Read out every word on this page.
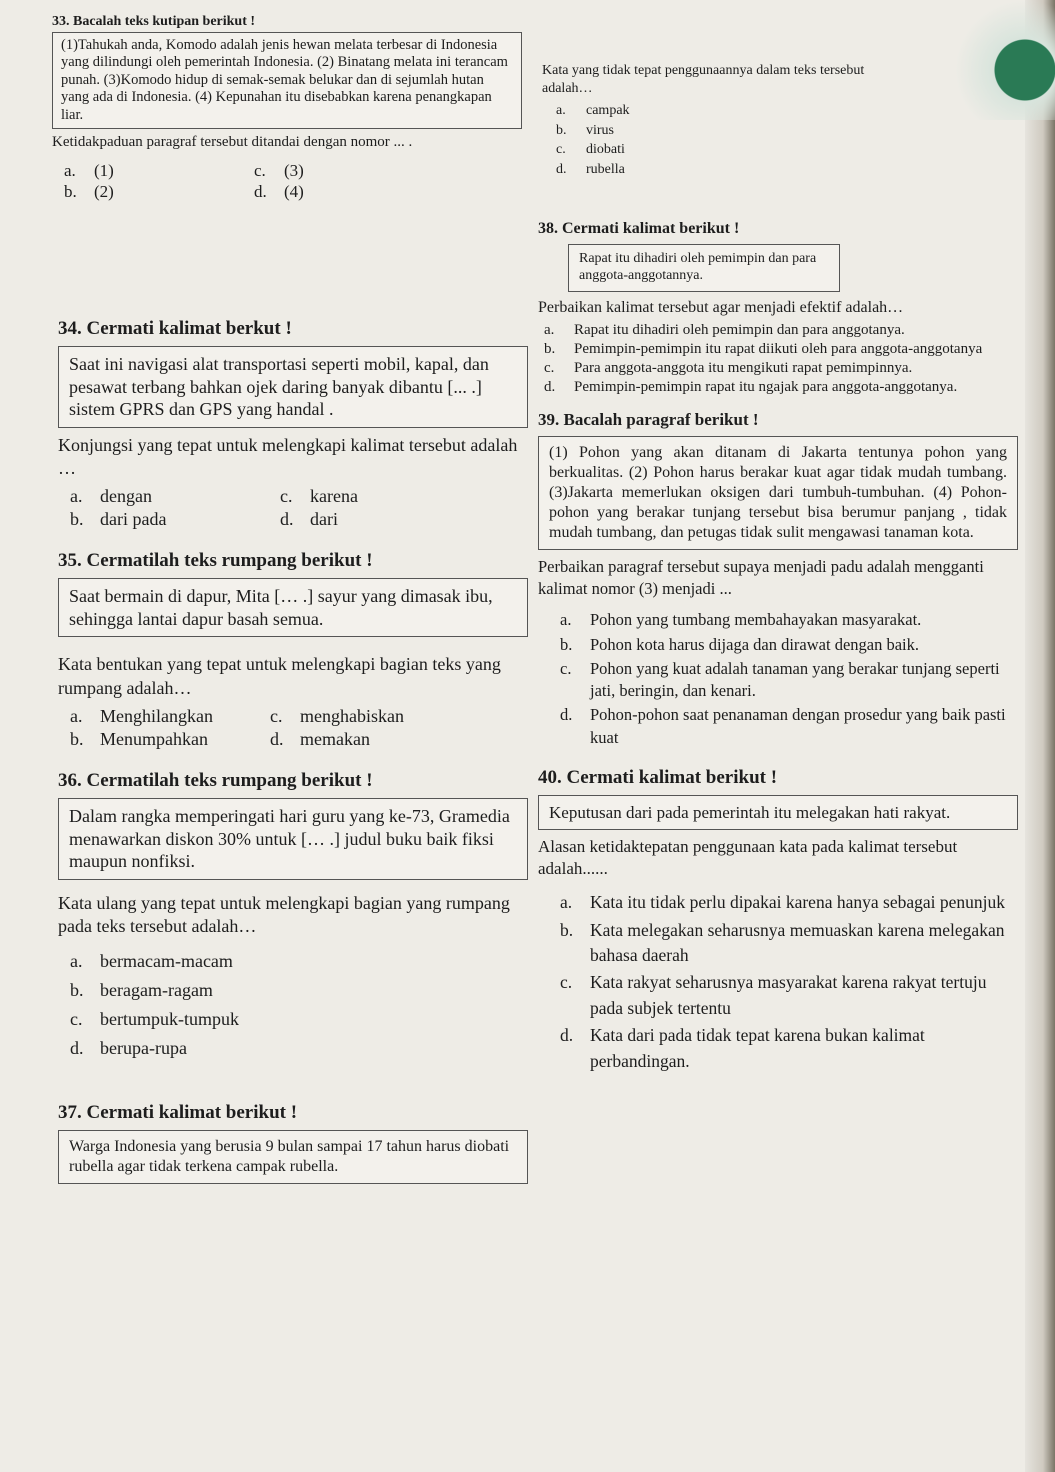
33. Bacalah teks kutipan berikut !
(1)Tahukah anda, Komodo adalah jenis hewan melata terbesar di Indonesia yang dilindungi oleh pemerintah Indonesia. (2) Binatang melata ini terancam punah. (3)Komodo hidup di semak-semak belukar dan di sejumlah hutan yang ada di Indonesia. (4) Kepunahan itu disebabkan karena penangkapan liar.
Ketidakpaduan paragraf tersebut ditandai dengan nomor ... .
a.	(1)	c.	(3)
b.	(2)	d.	(4)
Kata yang tidak tepat penggunaannya dalam teks tersebut adalah…
a.	campak
b.	virus
c.	diobati
d.	rubella
34. Cermati kalimat berkut !
Saat ini navigasi alat transportasi seperti mobil, kapal, dan pesawat terbang bahkan ojek daring banyak dibantu [... .] sistem GPRS dan GPS yang handal .
Konjungsi yang tepat untuk melengkapi kalimat tersebut adalah …
a. dengan	c. karena
b. dari pada	d. dari
35. Cermatilah teks rumpang berikut !
Saat bermain di dapur, Mita [… .] sayur yang dimasak ibu, sehingga lantai dapur basah semua.
Kata bentukan yang tepat untuk melengkapi bagian teks yang rumpang adalah…
a. Menghilangkan	c. menghabiskan
b. Menumpahkan	d. memakan
36. Cermatilah teks rumpang berikut !
Dalam rangka memperingati hari guru yang ke-73, Gramedia menawarkan diskon 30% untuk [… .] judul buku baik fiksi maupun nonfiksi.
Kata ulang yang tepat untuk melengkapi bagian yang rumpang pada teks tersebut adalah…
a. bermacam-macam
b. beragam-ragam
c. bertumpuk-tumpuk
d. berupa-rupa
37. Cermati kalimat berikut !
Warga Indonesia yang berusia 9 bulan sampai 17 tahun harus diobati rubella agar tidak terkena campak rubella.
38. Cermati kalimat berikut !
Rapat itu dihadiri oleh pemimpin dan para anggota-anggotannya.
Perbaikan kalimat tersebut agar menjadi efektif adalah…
a.	Rapat itu dihadiri oleh pemimpin dan para anggotanya.
b.	Pemimpin-pemimpin itu rapat diikuti oleh para anggota-anggotanya
c.	Para anggota-anggota itu mengikuti rapat pemimpinnya.
d.	Pemimpin-pemimpin rapat itu ngajak para anggota-anggotanya.
39. Bacalah paragraf berikut !
(1) Pohon yang akan ditanam di Jakarta tentunya pohon yang berkualitas. (2) Pohon harus berakar kuat agar tidak mudah tumbang. (3)Jakarta memerlukan oksigen dari tumbuh-tumbuhan. (4) Pohon-pohon yang berakar tunjang tersebut bisa berumur panjang , tidak mudah tumbang, dan petugas tidak sulit mengawasi tanaman kota.
Perbaikan paragraf tersebut supaya menjadi padu adalah mengganti kalimat nomor (3) menjadi ...
a.	Pohon yang tumbang membahayakan masyarakat.
b.	Pohon kota harus dijaga dan dirawat dengan baik.
c.	Pohon yang kuat adalah tanaman yang berakar tunjang seperti jati, beringin, dan kenari.
d.	Pohon-pohon saat penanaman dengan prosedur yang baik pasti kuat
40. Cermati kalimat berikut !
Keputusan dari pada pemerintah itu melegakan hati rakyat.
Alasan ketidaktepatan penggunaan kata pada kalimat tersebut adalah......
a.	Kata itu tidak perlu dipakai karena hanya sebagai penunjuk
b. Kata melegakan seharusnya memuaskan karena melegakan bahasa daerah
c.	Kata rakyat seharusnya masyarakat karena rakyat tertuju pada subjek tertentu
d. Kata dari pada tidak tepat karena bukan kalimat perbandingan.
